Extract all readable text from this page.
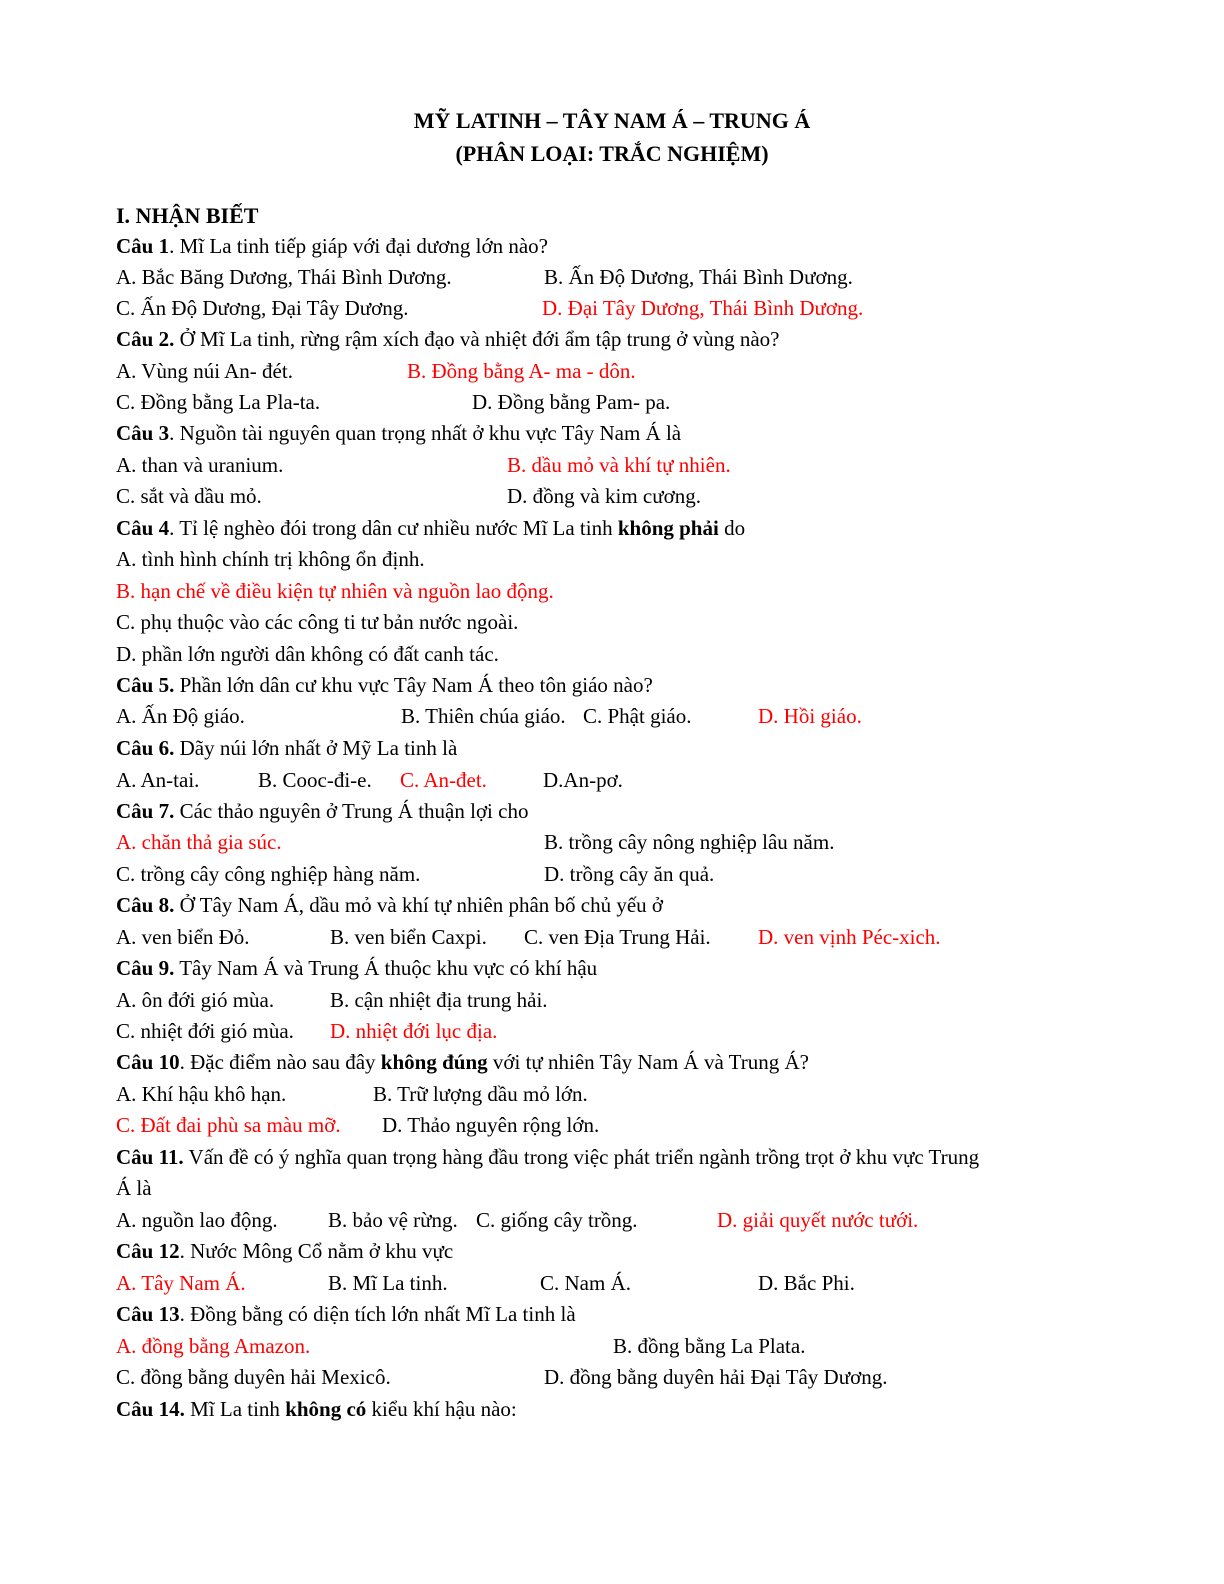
MỸ LATINH – TÂY NAM Á – TRUNG Á
(PHÂN LOẠI: TRẮC NGHIỆM)
I. NHẬN BIẾT
Câu 1. Mĩ La tinh tiếp giáp với đại dương lớn nào?
A. Bắc Băng Dương, Thái Bình Dương.	B. Ấn Độ Dương, Thái Bình Dương.
C. Ấn Độ Dương, Đại Tây Dương.	D. Đại Tây Dương, Thái Bình Dương.
Câu 2. Ở Mĩ La tinh, rừng rậm xích đạo và nhiệt đới ẩm tập trung ở vùng nào?
A. Vùng núi An- đét.	B. Đồng bằng A- ma - dôn.
C. Đồng bằng La Pla-ta.	D. Đồng bằng Pam- pa.
Câu 3. Nguồn tài nguyên quan trọng nhất ở khu vực Tây Nam Á là
A. than và uranium.	B. dầu mỏ và khí tự nhiên.
C. sắt và dầu mỏ.	D. đồng và kim cương.
Câu 4. Tỉ lệ nghèo đói trong dân cư nhiều nước Mĩ La tinh không phải do
A. tình hình chính trị không ổn định.
B. hạn chế về điều kiện tự nhiên và nguồn lao động.
C. phụ thuộc vào các công ti tư bản nước ngoài.
D. phần lớn người dân không có đất canh tác.
Câu 5. Phần lớn dân cư khu vực Tây Nam Á theo tôn giáo nào?
A. Ấn Độ giáo.	B. Thiên chúa giáo. C. Phật giáo.	D. Hồi giáo.
Câu 6. Dãy núi lớn nhất ở Mỹ La tinh là
A. An-tai.	B. Cooc-đi-e. C. An-đet.	D.An-pơ.
Câu 7. Các thảo nguyên ở Trung Á thuận lợi cho
A. chăn thả gia súc.	B. trồng cây nông nghiệp lâu năm.
C. trồng cây công nghiệp hàng năm.	D. trồng cây ăn quả.
Câu 8. Ở Tây Nam Á, dầu mỏ và khí tự nhiên phân bố chủ yếu ở
A. ven biển Đỏ.	B. ven biển Caxpi. C. ven Địa Trung Hải. D. ven vịnh Péc-xich.
Câu 9. Tây Nam Á và Trung Á thuộc khu vực có khí hậu
A. ôn đới gió mùa.	B. cận nhiệt địa trung hải.
C. nhiệt đới gió mùa. D. nhiệt đới lục địa.
Câu 10. Đặc điểm nào sau đây không đúng với tự nhiên Tây Nam Á và Trung Á?
A. Khí hậu khô hạn.	B. Trữ lượng dầu mỏ lớn.
C. Đất đai phù sa màu mỡ. D. Thảo nguyên rộng lớn.
Câu 11. Vấn đề có ý nghĩa quan trọng hàng đầu trong việc phát triển ngành trồng trọt ở khu vực Trung
Á là
A. nguồn lao động. B. bảo vệ rừng. C. giống cây trồng.	D. giải quyết nước tưới.
Câu 12. Nước Mông Cổ nằm ở khu vực
A. Tây Nam Á.	B. Mĩ La tinh.	C. Nam Á.	D. Bắc Phi.
Câu 13. Đồng bằng có diện tích lớn nhất Mĩ La tinh là
A. đồng bằng Amazon.	B. đồng bằng La Plata.
C. đồng bằng duyên hải Mexicô.	D. đồng bằng duyên hải Đại Tây Dương.
Câu 14. Mĩ La tinh không có kiểu khí hậu nào:
